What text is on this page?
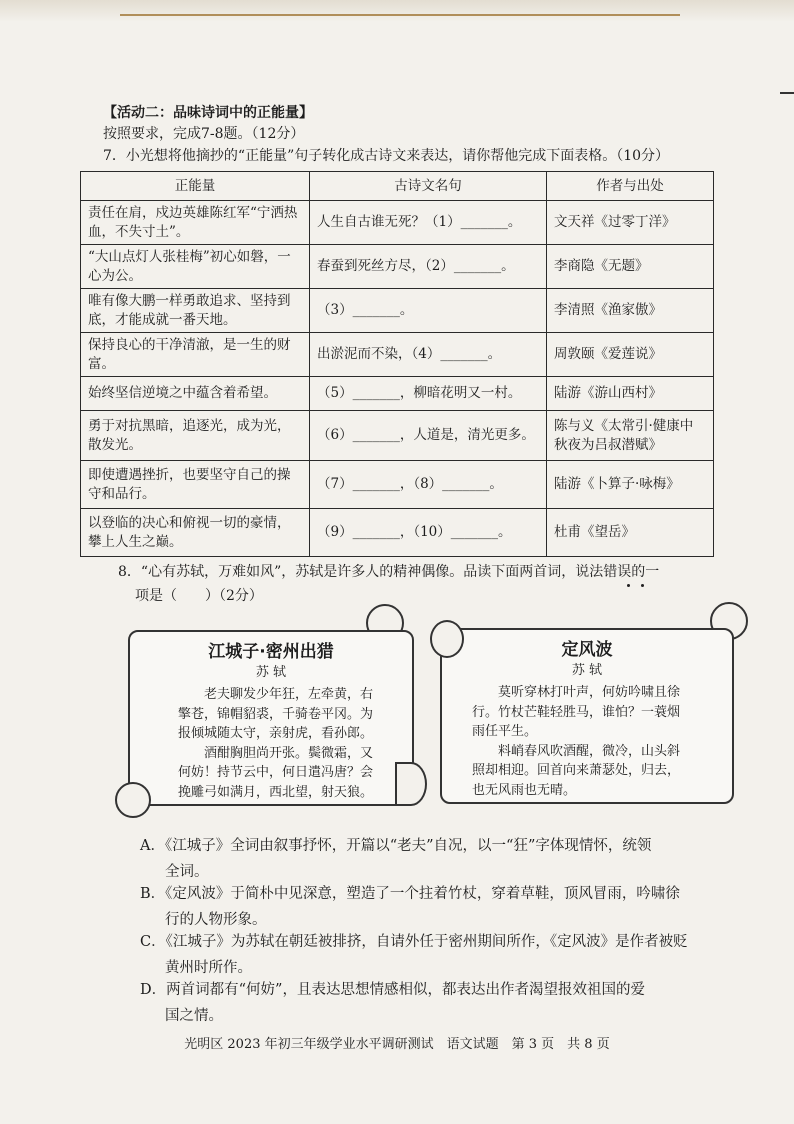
【活动二：品味诗词中的正能量】
按照要求，完成7-8题。（12分）
7．小光想将他摘抄的“正能量”句子转化成古诗文来表达，请你帮他完成下面表格。（10分）
正能量	古诗文名句	作者与出处
责任在肩，戍边英雄陈红军“宁洒热血，不失寸土”。	人生自古谁无死？（1）_______。	文天祥《过零丁洋》
“大山点灯人张桂梅”初心如磐，一心为公。	春蚕到死丝方尽，（2）_______。	李商隐《无题》
唯有像大鹏一样勇敢追求、坚持到底，才能成就一番天地。	（3）_______。	李清照《渔家傲》
保持良心的干净清澈，是一生的财富。	出淤泥而不染，（4）_______。	周敦颐《爱莲说》
始终坚信逆境之中蕴含着希望。	（5）_______，柳暗花明又一村。	陆游《游山西村》
勇于对抗黑暗，追逐光，成为光，散发光。	（6）_______，人道是，清光更多。	陈与义《太常引·健康中秋夜为吕叔潜赋》
即使遭遇挫折，也要坚守自己的操守和品行。	（7）_______，（8）_______。	陆游《卜算子·咏梅》
以登临的决心和俯视一切的豪情，攀上人生之巅。	（9）_______，（10）_______。	杜甫《望岳》
8．“心有苏轼，万难如风”，苏轼是许多人的精神偶像。品读下面两首词，说法错误的一
项是（　　）（2分）
江城子·密州出猎
苏 轼
　　老夫聊发少年狂，左牵黄，右
擎苍，锦帽貂裘，千骑卷平冈。为
报倾城随太守，亲射虎，看孙郎。
　　酒酣胸胆尚开张。鬓微霜，又
何妨！持节云中，何日遣冯唐？会
挽雕弓如满月，西北望，射天狼。
定风波
苏 轼
　　莫听穿林打叶声，何妨吟啸且徐
行。竹杖芒鞋轻胜马，谁怕？一蓑烟
雨任平生。
　　料峭春风吹酒醒，微冷，山头斜
照却相迎。回首向来萧瑟处，归去，
也无风雨也无晴。
A．《江城子》全词由叙事抒怀，开篇以“老夫”自况，以一“狂”字体现情怀，统领
全词。
B．《定风波》于简朴中见深意，塑造了一个拄着竹杖，穿着草鞋，顶风冒雨，吟啸徐
行的人物形象。
C．《江城子》为苏轼在朝廷被排挤，自请外任于密州期间所作，《定风波》是作者被贬
黄州时所作。
D．两首词都有“何妨”，且表达思想情感相似，都表达出作者渴望报效祖国的爱
国之情。
光明区 2023 年初三年级学业水平调研测试　语文试题　第 3 页　共 8 页
